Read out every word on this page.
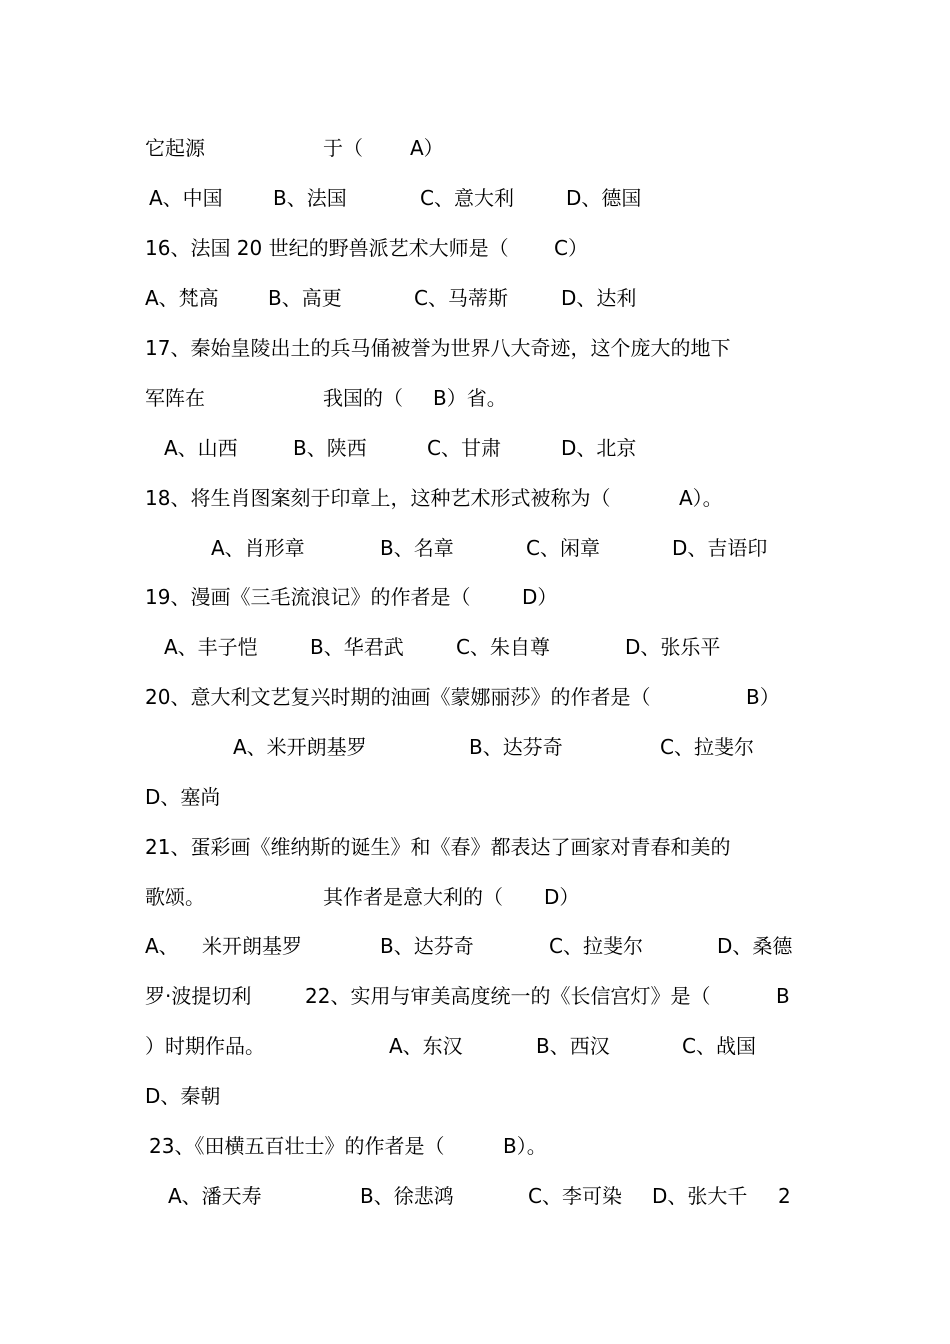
它起源	于（ A）
A、中国	B、法国	C、意大利	D、德国
16、法国 20 世纪的野兽派艺术大师是（ C）
A、梵高 B、高更	C、马蒂斯	D、达利
17、秦始皇陵出土的兵马俑被誉为世界八大奇迹，这个庞大的地下
军阵在	我国的（ B）省。
A、山西	B、陕西	C、甘肃	D、北京
18、将生肖图案刻于印章上，这种艺术形式被称为（	A）。
A、肖形章	B、名章	C、闲章	D、吉语印
19、漫画《三毛流浪记》的作者是（	D）
A、丰子恺	B、华君武	C、朱自尊	D、张乐平
20、意大利文艺复兴时期的油画《蒙娜丽莎》的作者是（	B）
A、米开朗基罗	B、达芬奇	C、拉斐尔
D、塞尚
21、蛋彩画《维纳斯的诞生》和《春》都表达了画家对青春和美的
歌颂。	其作者是意大利的（ D）
A、 米开朗基罗	B、达芬奇	C、拉斐尔	D、桑德
罗·波提切利	22、实用与审美高度统一的《长信宫灯》是（	B
）时期作品。	A、东汉	B、西汉	C、战国
D、秦朝
23、《田横五百壮士》的作者是（	B）。
A、潘天寿	B、徐悲鸿	C、李可染 D、张大千 2
